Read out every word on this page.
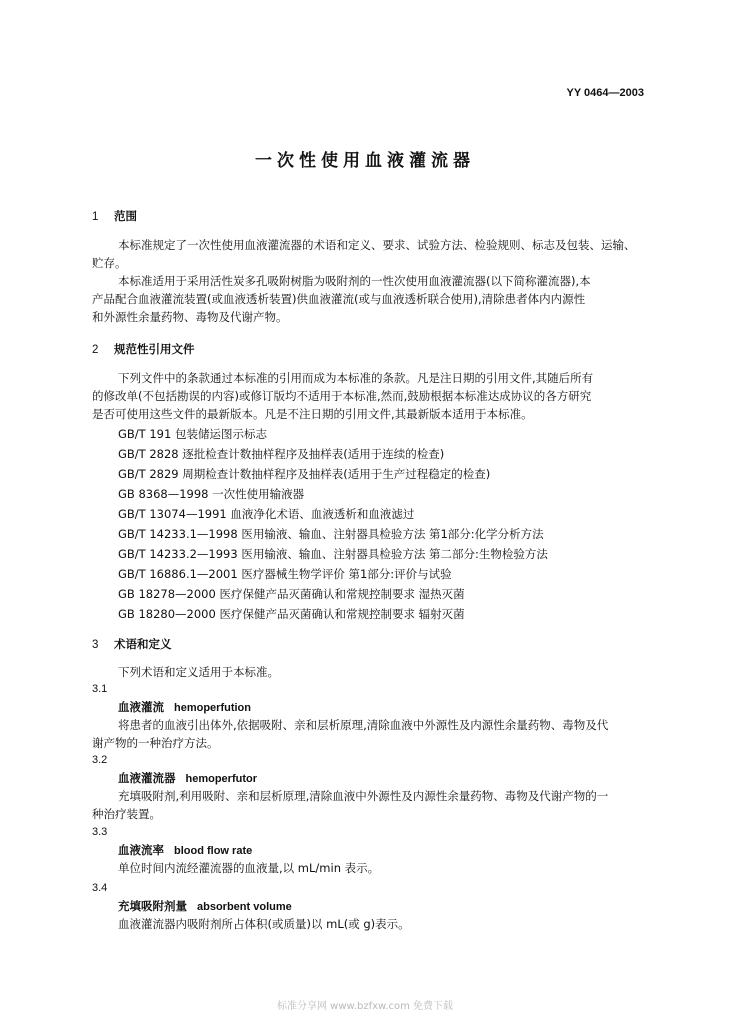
YY 0464—2003
一次性使用血液灌流器
1 范围
本标准规定了一次性使用血液灌流器的术语和定义、要求、试验方法、检验规则、标志及包装、运输、
贮存。
本标准适用于采用活性炭多孔吸附树脂为吸附剂的一性次使用血液灌流器(以下简称灌流器),本
产品配合血液灌流装置(或血液透析装置)供血液灌流(或与血液透析联合使用),清除患者体内内源性
和外源性余量药物、毒物及代谢产物。
2 规范性引用文件
下列文件中的条款通过本标准的引用而成为本标准的条款。凡是注日期的引用文件,其随后所有
的修改单(不包括勘误的内容)或修订版均不适用于本标准,然而,鼓励根据本标准达成协议的各方研究
是否可使用这些文件的最新版本。凡是不注日期的引用文件,其最新版本适用于本标准。
GB/T 191 包装储运图示标志
GB/T 2828 逐批检查计数抽样程序及抽样表(适用于连续的检查)
GB/T 2829 周期检查计数抽样程序及抽样表(适用于生产过程稳定的检查)
GB 8368—1998 一次性使用输液器
GB/T 13074—1991 血液净化术语、血液透析和血液滤过
GB/T 14233.1—1998 医用输液、输血、注射器具检验方法 第1部分:化学分析方法
GB/T 14233.2—1993 医用输液、输血、注射器具检验方法 第二部分:生物检验方法
GB/T 16886.1—2001 医疗器械生物学评价 第1部分:评价与试验
GB 18278—2000 医疗保健产品灭菌确认和常规控制要求 湿热灭菌
GB 18280—2000 医疗保健产品灭菌确认和常规控制要求 辐射灭菌
3 术语和定义
下列术语和定义适用于本标准。
3.1
血液灌流 hemoperfution
将患者的血液引出体外,依据吸附、亲和层析原理,清除血液中外源性及内源性余量药物、毒物及代
谢产物的一种治疗方法。
3.2
血液灌流器 hemoperfutor
充填吸附剂,利用吸附、亲和层析原理,清除血液中外源性及内源性余量药物、毒物及代谢产物的一
种治疗装置。
3.3
血液流率 blood flow rate
单位时间内流经灌流器的血液量,以 mL/min 表示。
3.4
充填吸附剂量 absorbent volume
血液灌流器内吸附剂所占体积(或质量)以 mL(或 g)表示。
标准分享网 www.bzfxw.com 免费下载
